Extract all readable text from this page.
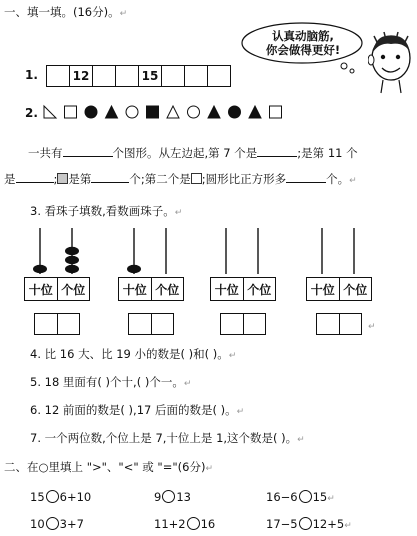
一、填一填。(16分)。↵
认真动脑筋,
你会做得更好!
1.	12	15
2.
一共有	个图形。从左边起,第 7 个是	;是第 11 个
是	; 是第	个;第二个是 ;圆形比正方形多	个。↵
3. 看珠子填数,看数画珠子。↵
十位 个位	十位 个位	十位 个位	十位 个位
↵
4. 比 16 大、比 19 小的数是( )和( )。↵
5. 18 里面有( )个十,( )个一。↵
6. 12 前面的数是( ),17 后面的数是( )。↵
7. 一个两位数,个位上是 7,十位上是 1,这个数是( )。↵
二、在○里填上 ">"、"<" 或 "="(6分)↵
15 6+10	9 13	16−6 15↵
10 3+7	11+2 16	17−5 12+5↵
